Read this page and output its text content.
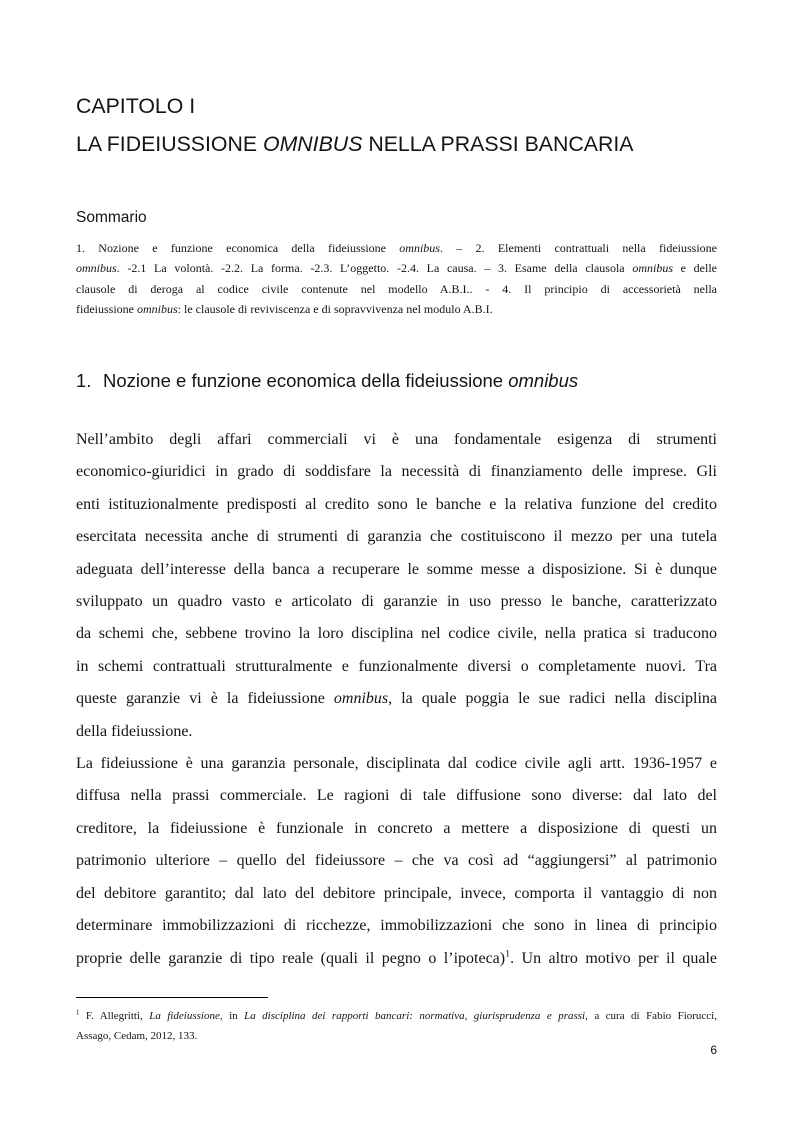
CAPITOLO I
LA FIDEIUSSIONE OMNIBUS NELLA PRASSI BANCARIA
Sommario
1. Nozione e funzione economica della fideiussione omnibus. – 2. Elementi contrattuali nella fideiussione
omnibus. -2.1 La volontà. -2.2. La forma. -2.3. L’oggetto. -2.4. La causa. – 3. Esame della clausola omnibus e delle
clausole di deroga al codice civile contenute nel modello A.B.I.. - 4. Il principio di accessorietà nella
fideiussione omnibus: le clausole di reviviscenza e di sopravvivenza nel modulo A.B.I.
1. Nozione e funzione economica della fideiussione omnibus
Nell’ambito degli affari commerciali vi è una fondamentale esigenza di strumenti
economico-giuridici in grado di soddisfare la necessità di finanziamento delle imprese. Gli
enti istituzionalmente predisposti al credito sono le banche e la relativa funzione del credito
esercitata necessita anche di strumenti di garanzia che costituiscono il mezzo per una tutela
adeguata dell’interesse della banca a recuperare le somme messe a disposizione. Si è dunque
sviluppato un quadro vasto e articolato di garanzie in uso presso le banche, caratterizzato
da schemi che, sebbene trovino la loro disciplina nel codice civile, nella pratica si traducono
in schemi contrattuali strutturalmente e funzionalmente diversi o completamente nuovi. Tra
queste garanzie vi è la fideiussione omnibus, la quale poggia le sue radici nella disciplina
della fideiussione.
La fideiussione è una garanzia personale, disciplinata dal codice civile agli artt. 1936-1957 e
diffusa nella prassi commerciale. Le ragioni di tale diffusione sono diverse: dal lato del
creditore, la fideiussione è funzionale in concreto a mettere a disposizione di questi un
patrimonio ulteriore – quello del fideiussore – che va così ad “aggiungersi” al patrimonio
del debitore garantito; dal lato del debitore principale, invece, comporta il vantaggio di non
determinare immobilizzazioni di ricchezze, immobilizzazioni che sono in linea di principio
proprie delle garanzie di tipo reale (quali il pegno o l’ipoteca)$^1$. Un altro motivo per il quale
$^1$ F. Allegritti, La fideiussione, in La disciplina dei rapporti bancari: normativa, giurisprudenza e prassi, a cura di Fabio Fiorucci,
Assago, Cedam, 2012, 133.
6
